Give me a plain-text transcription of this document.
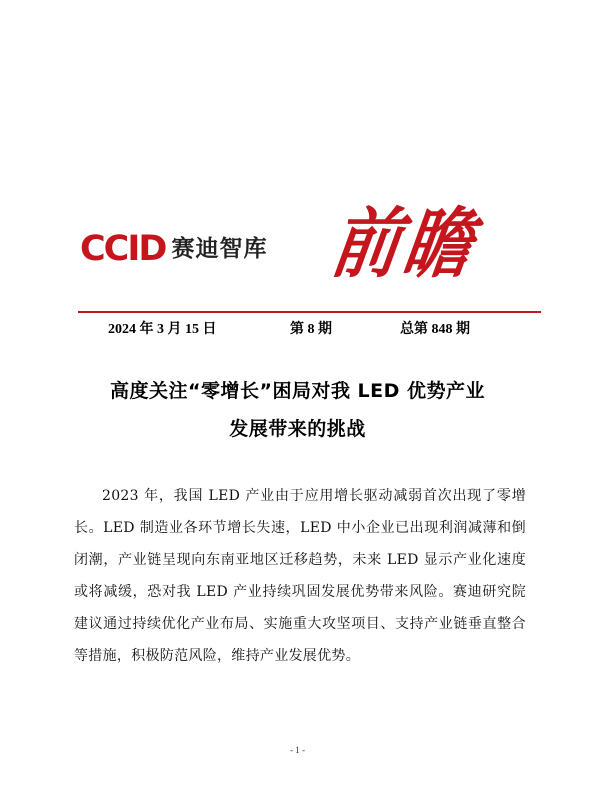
CCID 赛迪智库 前
瞻
2024 年 3 月 15 日	第 8 期	总第 848 期
高度关注“零增长”困局对我 LED 优势产业
发展带来的挑战

2023 年，我国 LED 产业由于应用增长驱动减弱首次出现了零增长。LED 制造业各环节增长失速，LED 中小企业已出现利润减薄和倒闭潮，产业链呈现向东南亚地区迁移趋势，未来 LED 显示产业化速度或将减缓，恐对我 LED 产业持续巩固发展优势带来风险。赛迪研究院建议通过持续优化产业布局、实施重大攻坚项目、支持产业链垂直整合等措施，积极防范风险，维持产业发展优势。

- 1 -
